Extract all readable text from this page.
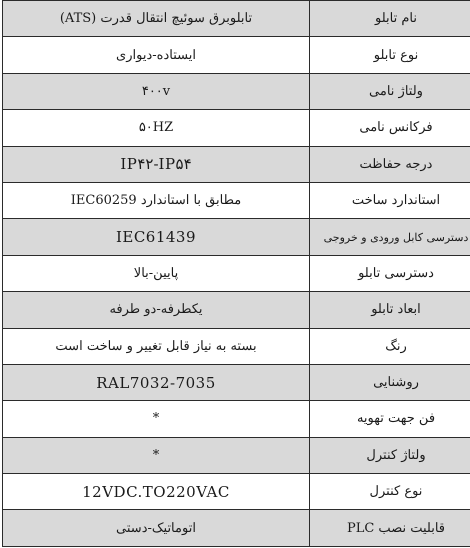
(ATS) تابلوبرق سوئیچ انتقال قدرت	نام تابلو
ایستاده-دیواری	نوع تابلو
۴۰۰v	ولتاژ نامی
۵۰HZ	فرکانس نامی
IP۴۲-IP۵۴	درجه حفاظت
IEC60259 مطابق با استاندارد	استاندارد ساخت
IEC61439	دسترسی کابل ورودی و خروجی
پایین-بالا	دسترسی تابلو
یکطرفه-دو طرفه	ابعاد تابلو
بسته به نیاز قابل تغییر و ساخت است	رنگ
RAL7032-7035	روشنایی
*	فن جهت تهویه
*	ولتاژ کنترل
12VDC.TO220VAC	نوع کنترل
اتوماتیک-دستی	قابلیت نصب PLC
